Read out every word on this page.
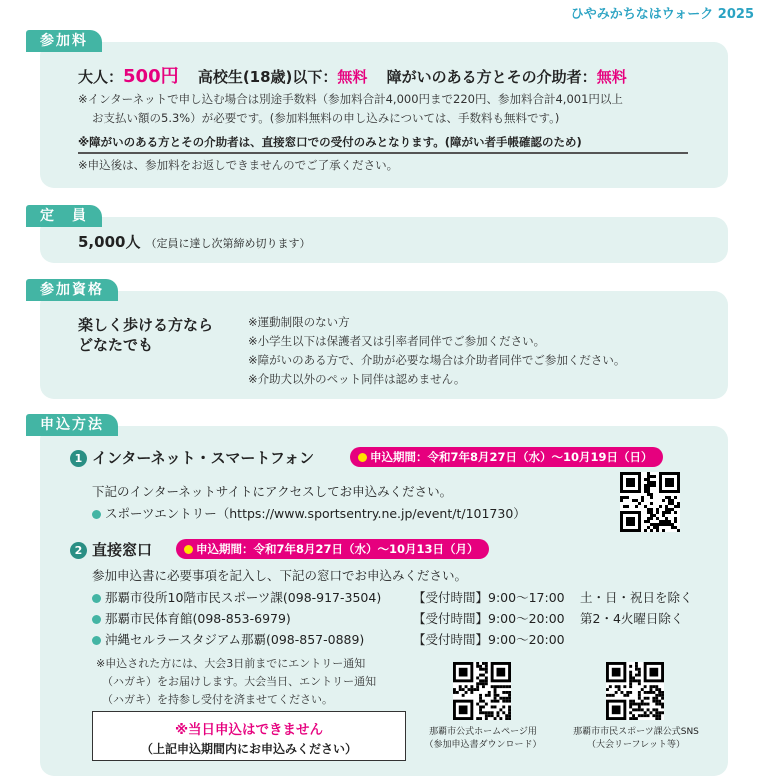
ひやみかちなはウォーク 2025
参加料
大人：500円 高校生(18歳)以下：無料 障がいのある方とその介助者：無料
※インターネットで申し込む場合は別途手数料（参加料合計4,000円まで220円、参加料合計4,001円以上
お支払い額の5.3%）が必要です。(参加料無料の申し込みについては、手数料も無料です。)
※障がいのある方とその介助者は、直接窓口での受付のみとなります。(障がい者手帳確認のため)
※申込後は、参加料をお返しできませんのでご了承ください。
定　員
5,000人 （定員に達し次第締め切ります）
参加資格
楽しく歩ける方なら
どなたでも
※運動制限のない方
※小学生以下は保護者又は引率者同伴でご参加ください。
※障がいのある方で、介助が必要な場合は介助者同伴でご参加ください。
※介助犬以外のペット同伴は認めません。
申込方法
1 インターネット・スマートフォン	申込期間：令和7年8月27日（水）〜10月19日（日）
下記のインターネットサイトにアクセスしてお申込みください。
スポーツエントリー（https://www.sportsentry.ne.jp/event/t/101730）
2 直接窓口	申込期間：令和7年8月27日（水）〜10月13日（月）
参加申込書に必要事項を記入し、下記の窓口でお申込みください。
那覇市役所10階市民スポーツ課(098-917-3504)	【受付時間】9:00〜17:00 土・日・祝日を除く
那覇市民体育館(098-853-6979)	【受付時間】9:00〜20:00 第2・4火曜日除く
沖縄セルラースタジアム那覇(098-857-0889)	【受付時間】9:00〜20:00
※申込された方には、大会3日前までにエントリー通知
（ハガキ）をお届けします。大会当日、エントリー通知
（ハガキ）を持参し受付を済ませてください。
※当日申込はできません
（上記申込期間内にお申込みください）
那覇市公式ホームページ用
（参加申込書ダウンロード）
那覇市市民スポーツ課公式SNS
（大会リーフレット等）
